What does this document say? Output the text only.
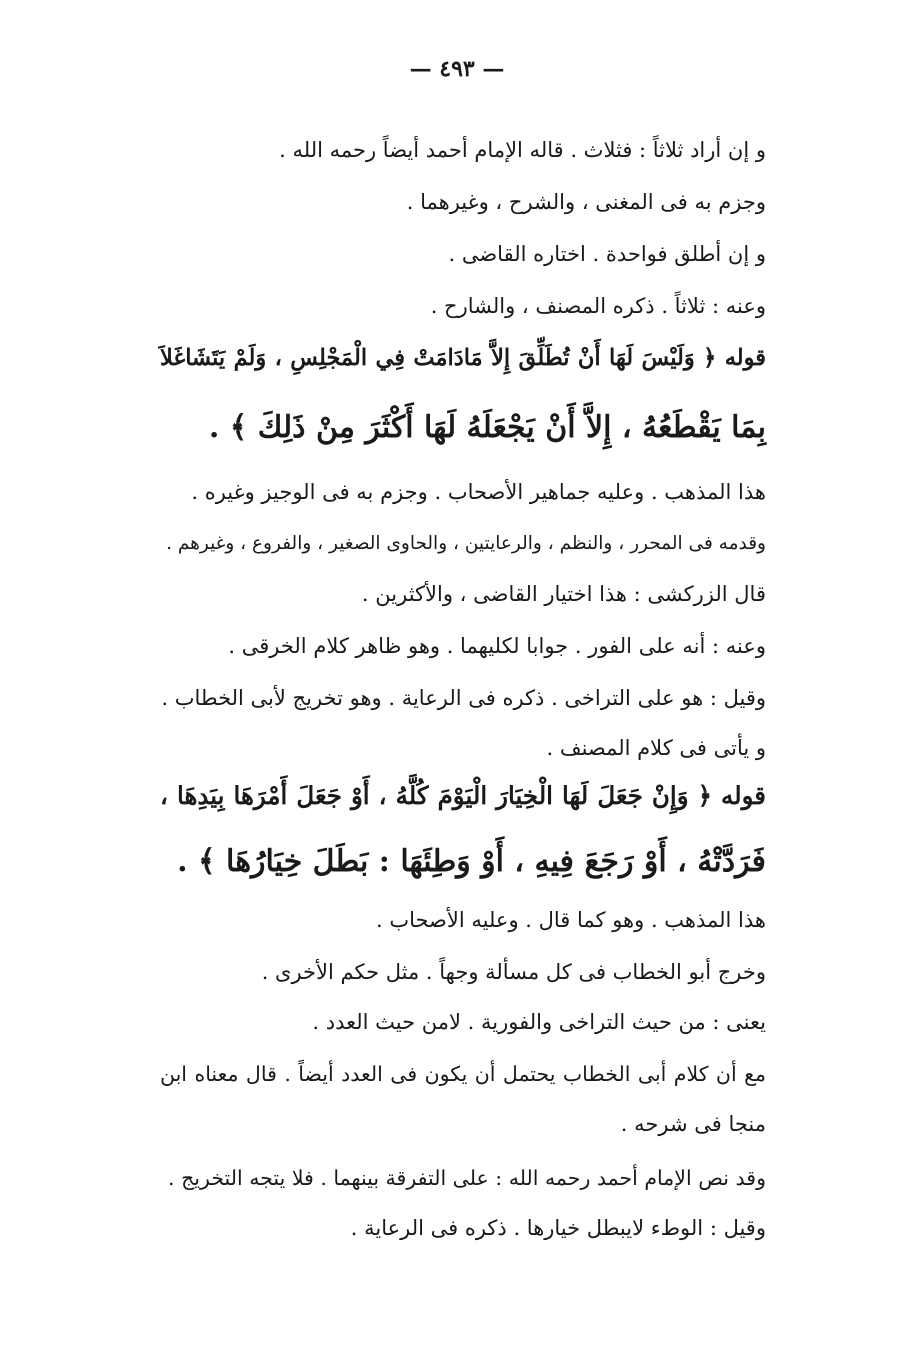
— ٤٩٣ —
و إن أراد ثلاثاً : فثلاث . قاله الإمام أحمد أيضاً رحمه الله .
وجزم به فى المغنى ، والشرح ، وغيرهما .
و إن أطلق فواحدة . اختاره القاضى .
وعنه : ثلاثاً . ذكره المصنف ، والشارح .
قوله ﴿ وَلَيْسَ لَهَا أَنْ تُطَلِّقَ إِلاَّ مَادَامَتْ فِي الْمَجْلِسِ ، وَلَمْ يَتَشَاغَلاَ
بِمَا يَقْطَعُهُ ، إِلاَّ أَنْ يَجْعَلَهُ لَهَا أَكْثَرَ مِنْ ذَلِكَ ﴾ .
هذا المذهب . وعليه جماهير الأصحاب . وجزم به فى الوجيز وغيره .
وقدمه فى المحرر ، والنظم ، والرعايتين ، والحاوى الصغير ، والفروع ، وغيرهم .
قال الزركشى : هذا اختيار القاضى ، والأكثرين .
وعنه : أنه على الفور . جوابا لكليهما . وهو ظاهر كلام الخرقى .
وقيل : هو على التراخى . ذكره فى الرعاية . وهو تخريج لأبى الخطاب .
و يأتى فى كلام المصنف .
قوله ﴿ وَإِنْ جَعَلَ لَهَا الْخِيَارَ الْيَوْمَ كُلَّهُ ، أَوْ جَعَلَ أَمْرَهَا بِيَدِهَا ،
فَرَدَّتْهُ ، أَوْ رَجَعَ فِيهِ ، أَوْ وَطِئَهَا : بَطَلَ خِيَارُهَا ﴾ .
هذا المذهب . وهو كما قال . وعليه الأصحاب .
وخرج أبو الخطاب فى كل مسألة وجهاً . مثل حكم الأخرى .
يعنى : من حيث التراخى والفورية . لامن حيث العدد .
مع أن كلام أبى الخطاب يحتمل أن يكون فى العدد أيضاً . قال معناه ابن
منجا فى شرحه .
وقد نص الإمام أحمد رحمه الله : على التفرقة بينهما . فلا يتجه التخريج .
وقيل : الوطء لايبطل خيارها . ذكره فى الرعاية .
